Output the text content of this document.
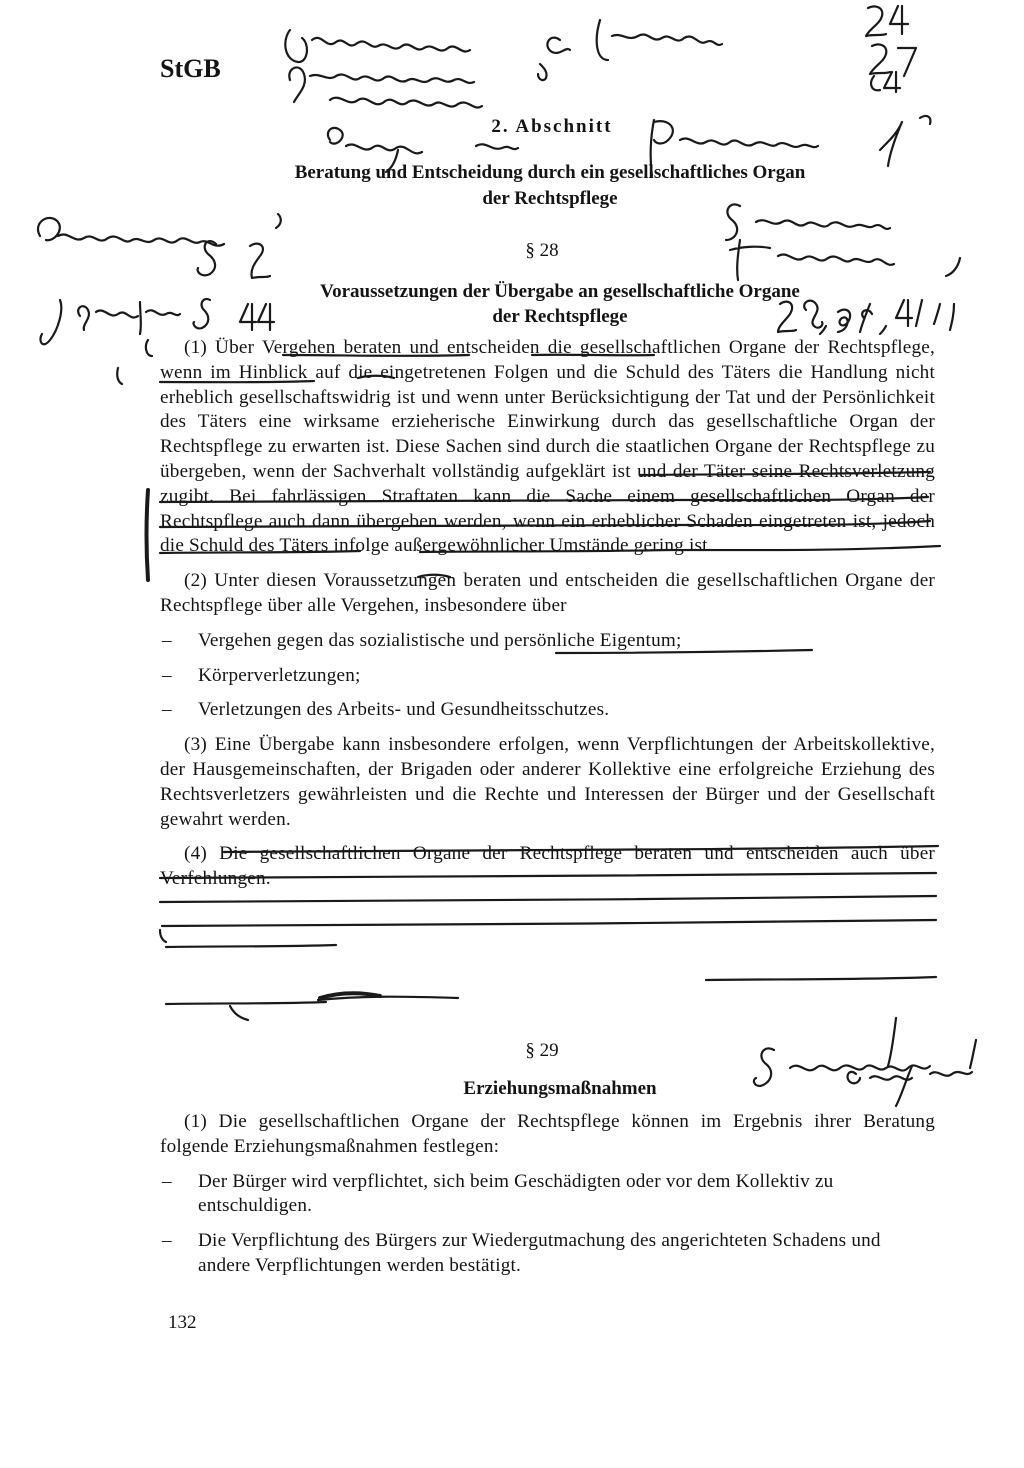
StGB
2. Abschnitt
Beratung und Entscheidung durch ein gesellschaftliches Organ
der Rechtspflege
§ 28
Voraussetzungen der Übergabe an gesellschaftliche Organe
der Rechtspflege

(1) Über Vergehen beraten und entscheiden die gesellschaftlichen Organe der Rechtspflege, wenn im Hinblick auf die eingetretenen Folgen und die Schuld des Täters die Handlung nicht erheblich gesellschaftswidrig ist und wenn unter Berücksichtigung der Tat und der Persönlichkeit des Täters eine wirksame erzieherische Einwirkung durch das gesellschaftliche Organ der Rechtspflege zu erwarten ist. Diese Sachen sind durch die staatlichen Organe der Rechtspflege zu übergeben, wenn der Sachverhalt vollständig aufgeklärt ist und der Täter seine Rechtsverletzung zugibt. Bei fahrlässigen Straftaten kann die Sache einem gesellschaftlichen Organ der Rechtspflege auch dann übergeben werden, wenn ein erheblicher Schaden eingetreten ist, jedoch die Schuld des Täters infolge außergewöhnlicher Umstände gering ist.

(2) Unter diesen Voraussetzungen beraten und entscheiden die gesellschaftlichen Organe der Rechtspflege über alle Vergehen, insbesondere über

– Vergehen gegen das sozialistische und persönliche Eigentum;
– Körperverletzungen;
– Verletzungen des Arbeits- und Gesundheitsschutzes.

(3) Eine Übergabe kann insbesondere erfolgen, wenn Verpflichtungen der Arbeitskollektive, der Hausgemeinschaften, der Brigaden oder anderer Kollektive eine erfolgreiche Erziehung des Rechtsverletzers gewährleisten und die Rechte und Interessen der Bürger und der Gesellschaft gewahrt werden.

(4) Die gesellschaftlichen Organe der Rechtspflege beraten und entscheiden auch über Verfehlungen.

§ 29
Erziehungsmaßnahmen

(1) Die gesellschaftlichen Organe der Rechtspflege können im Ergebnis ihrer Beratung folgende Erziehungsmaßnahmen festlegen:

– Der Bürger wird verpflichtet, sich beim Geschädigten oder vor dem Kollektiv zu entschuldigen.
– Die Verpflichtung des Bürgers zur Wiedergutmachung des angerichteten Schadens und andere Verpflichtungen werden bestätigt.
132
